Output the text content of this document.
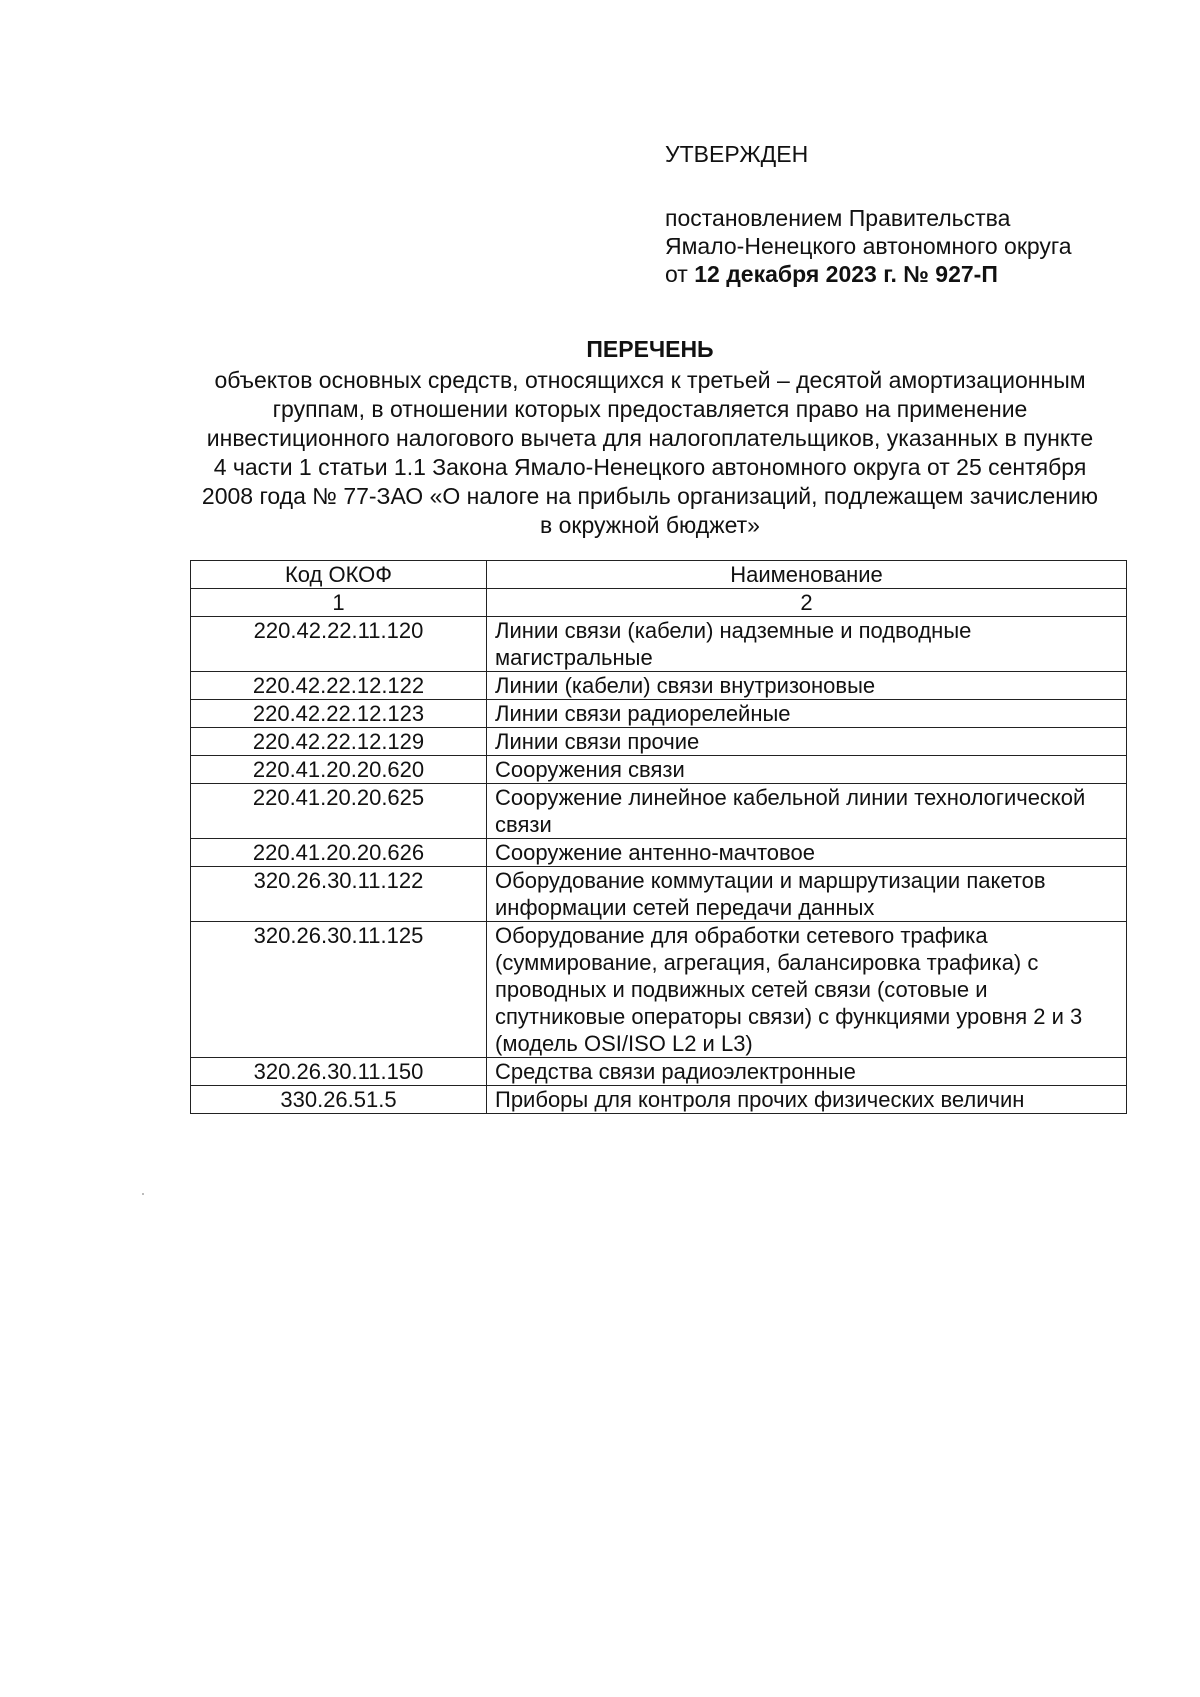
УТВЕРЖДЕН
постановлением Правительства
Ямало-Ненецкого автономного округа
от 12 декабря 2023 г. № 927-П
ПЕРЕЧЕНЬ
объектов основных средств, относящихся к третьей – десятой амортизационным группам, в отношении которых предоставляется право на применение инвестиционного налогового вычета для налогоплательщиков, указанных в пункте 4 части 1 статьи 1.1 Закона Ямало-Ненецкого автономного округа от 25 сентября 2008 года № 77-ЗАО «О налоге на прибыль организаций, подлежащем зачислению в окружной бюджет»
Код ОКОФ	Наименование
1	2
220.42.22.11.120	Линии связи (кабели) надземные и подводные магистральные
220.42.22.12.122	Линии (кабели) связи внутризоновые
220.42.22.12.123	Линии связи радиорелейные
220.42.22.12.129	Линии связи прочие
220.41.20.20.620	Сооружения связи
220.41.20.20.625	Сооружение линейное кабельной линии технологической связи
220.41.20.20.626	Сооружение антенно-мачтовое
320.26.30.11.122	Оборудование коммутации и маршрутизации пакетов информации сетей передачи данных
320.26.30.11.125	Оборудование для обработки сетевого трафика (суммирование, агрегация, балансировка трафика) с проводных и подвижных сетей связи (сотовые и спутниковые операторы связи) с функциями уровня 2 и 3 (модель OSI/ISO L2 и L3)
320.26.30.11.150	Средства связи радиоэлектронные
330.26.51.5	Приборы для контроля прочих физических величин
